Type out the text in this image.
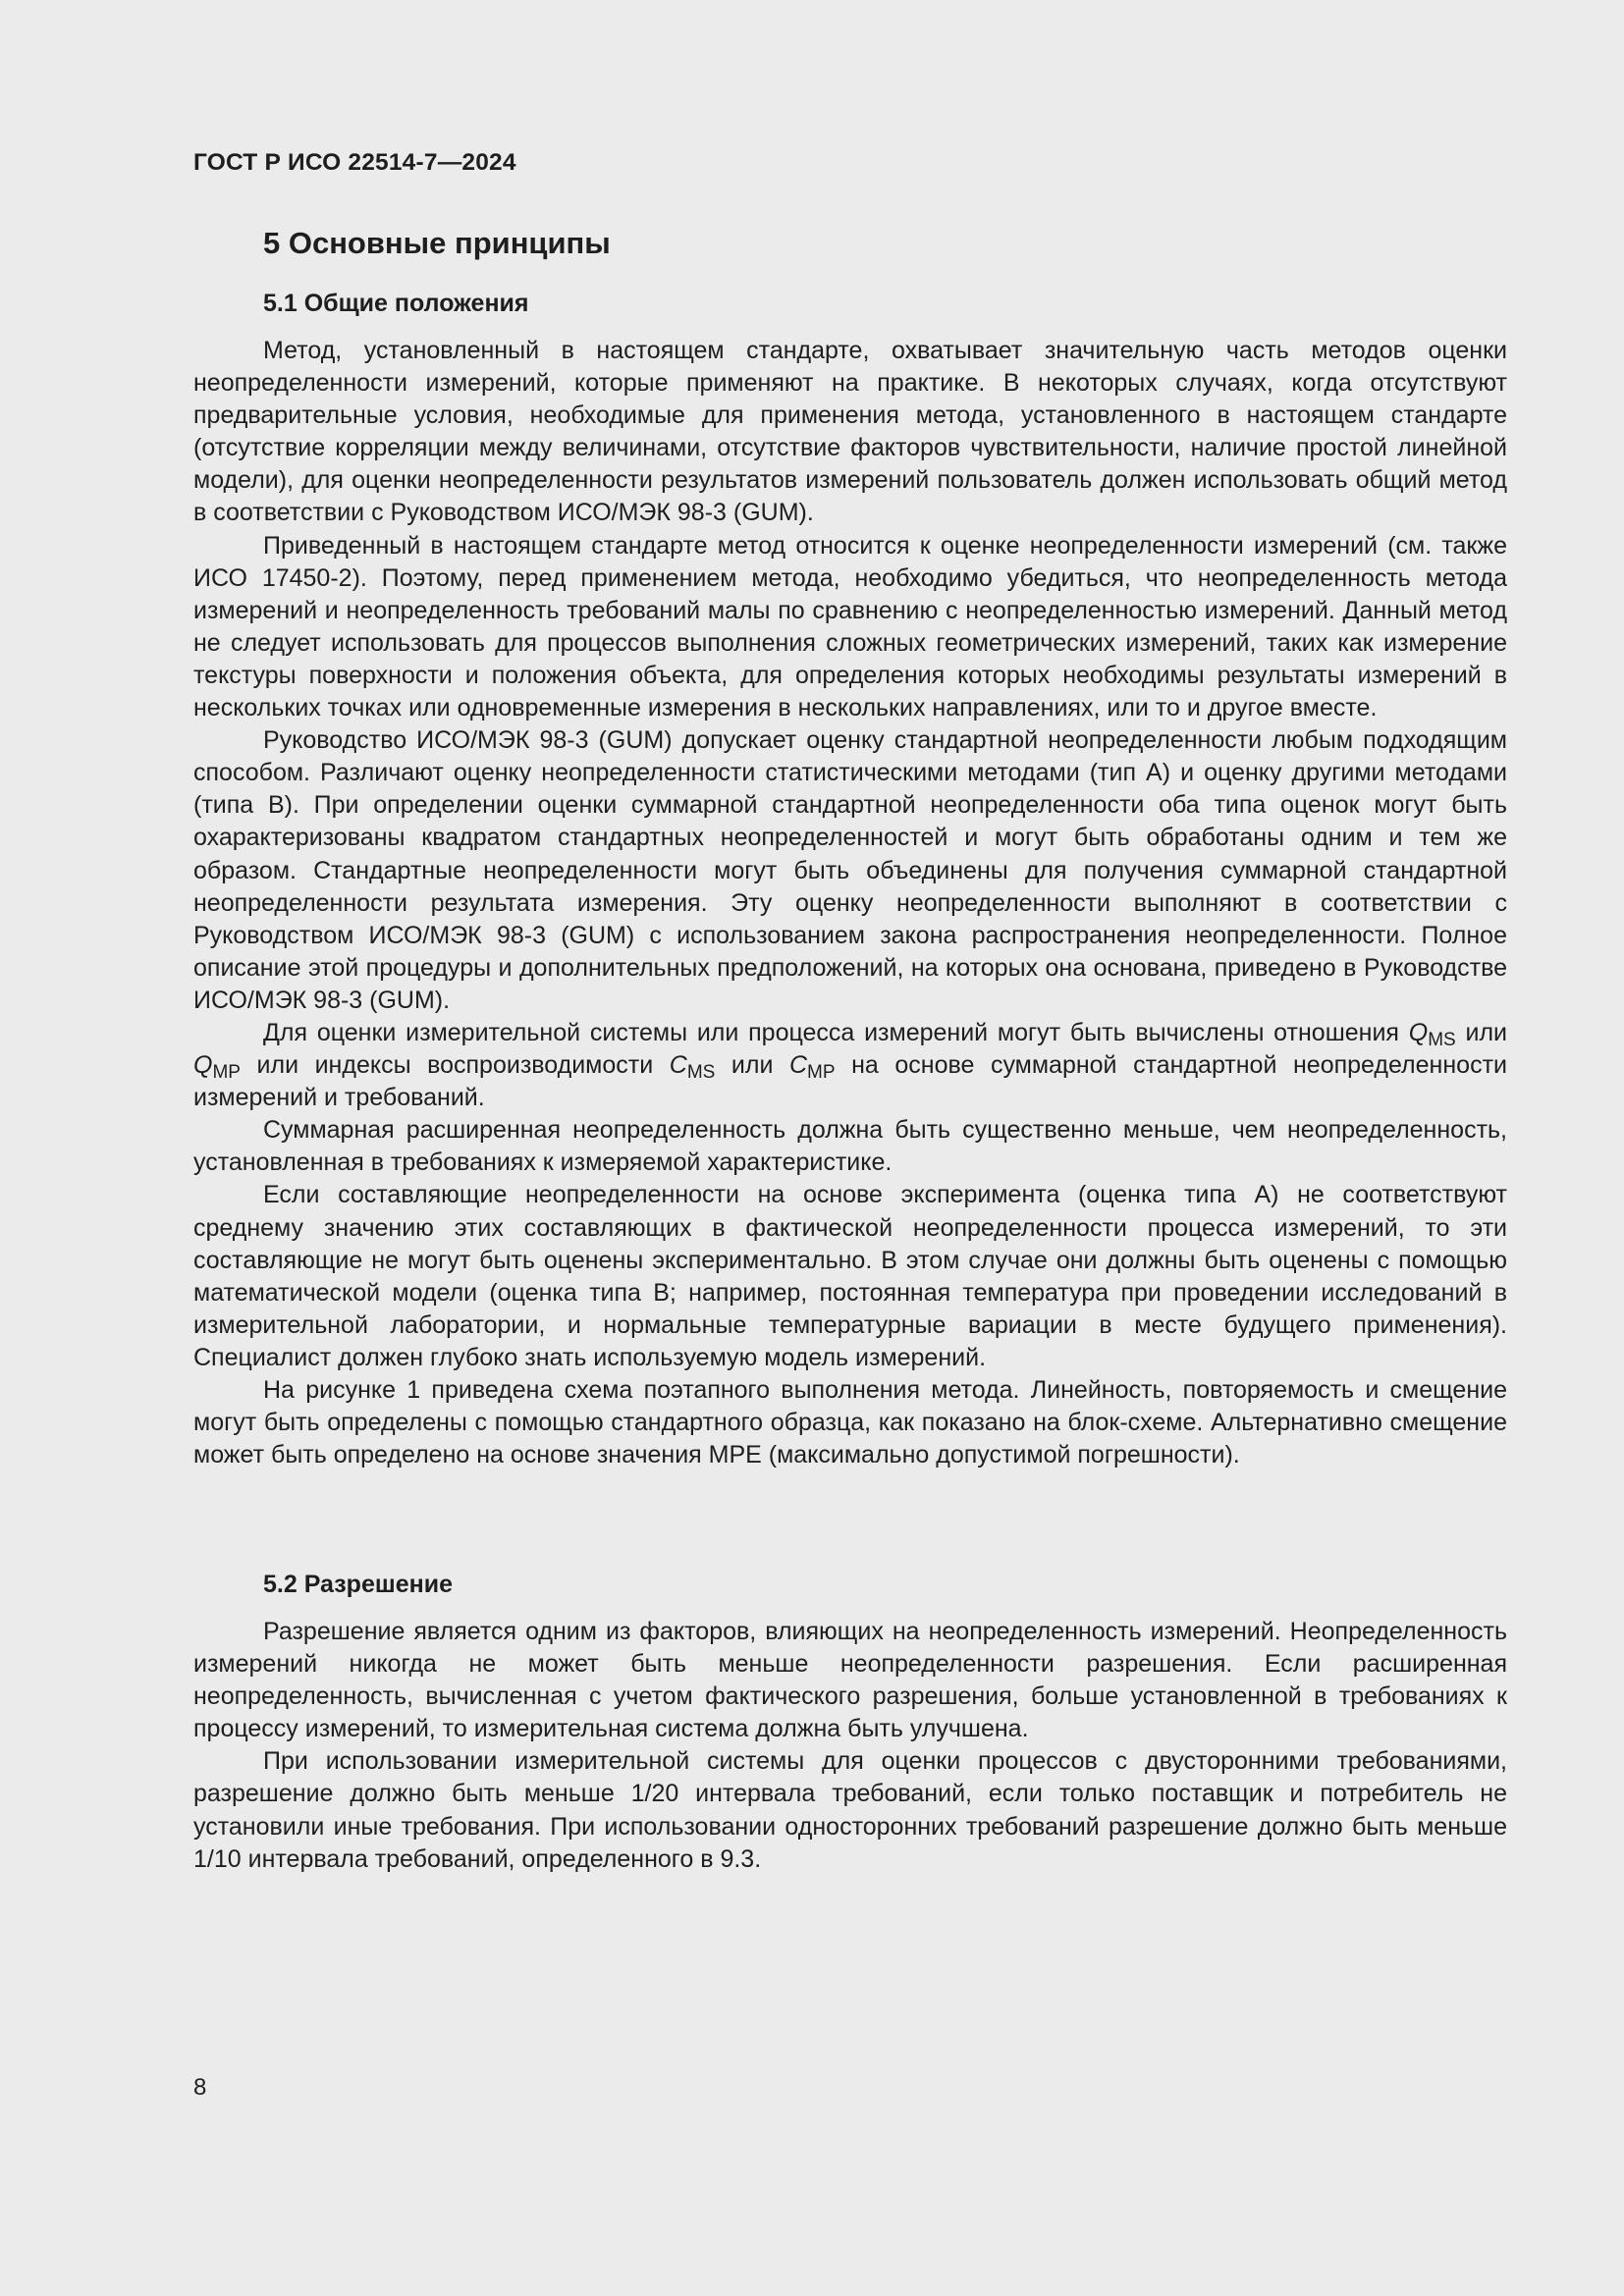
ГОСТ Р ИСО 22514-7—2024
5 Основные принципы
5.1 Общие положения

Метод, установленный в настоящем стандарте, охватывает значительную часть методов оценки неопределенности измерений, которые применяют на практике. В некоторых случаях, когда отсутствуют предварительные условия, необходимые для применения метода, установленного в настоящем стандарте (отсутствие корреляции между величинами, отсутствие факторов чувствительности, наличие простой линейной модели), для оценки неопределенности результатов измерений пользователь должен использовать общий метод в соответствии с Руководством ИСО/МЭК 98-3 (GUM).

Приведенный в настоящем стандарте метод относится к оценке неопределенности измерений (см. также ИСО 17450-2). Поэтому, перед применением метода, необходимо убедиться, что неопределенность метода измерений и неопределенность требований малы по сравнению с неопределенностью измерений. Данный метод не следует использовать для процессов выполнения сложных геометрических измерений, таких как измерение текстуры поверхности и положения объекта, для определения которых необходимы результаты измерений в нескольких точках или одновременные измерения в нескольких направлениях, или то и другое вместе.

Руководство ИСО/МЭК 98-3 (GUM) допускает оценку стандартной неопределенности любым подходящим способом. Различают оценку неопределенности статистическими методами (тип А) и оценку другими методами (типа В). При определении оценки суммарной стандартной неопределенности оба типа оценок могут быть охарактеризованы квадратом стандартных неопределенностей и могут быть обработаны одним и тем же образом. Стандартные неопределенности могут быть объединены для получения суммарной стандартной неопределенности результата измерения. Эту оценку неопределенности выполняют в соответствии с Руководством ИСО/МЭК 98-3 (GUM) с использованием закона распространения неопределенности. Полное описание этой процедуры и дополнительных предположений, на которых она основана, приведено в Руководстве ИСО/МЭК 98-3 (GUM).

Для оценки измерительной системы или процесса измерений могут быть вычислены отношения $Q_{MS}$ или $Q_{MP}$ или индексы воспроизводимости $C_{MS}$ или $C_{MP}$ на основе суммарной стандартной неопределенности измерений и требований.

Суммарная расширенная неопределенность должна быть существенно меньше, чем неопределенность, установленная в требованиях к измеряемой характеристике.

Если составляющие неопределенности на основе эксперимента (оценка типа А) не соответствуют среднему значению этих составляющих в фактической неопределенности процесса измерений, то эти составляющие не могут быть оценены экспериментально. В этом случае они должны быть оценены с помощью математической модели (оценка типа В; например, постоянная температура при проведении исследований в измерительной лаборатории, и нормальные температурные вариации в месте будущего применения). Специалист должен глубоко знать используемую модель измерений.

На рисунке 1 приведена схема поэтапного выполнения метода. Линейность, повторяемость и смещение могут быть определены с помощью стандартного образца, как показано на блок-схеме. Альтернативно смещение может быть определено на основе значения MPE (максимально допустимой погрешности).

5.2 Разрешение

Разрешение является одним из факторов, влияющих на неопределенность измерений. Неопределенность измерений никогда не может быть меньше неопределенности разрешения. Если расширенная неопределенность, вычисленная с учетом фактического разрешения, больше установленной в требованиях к процессу измерений, то измерительная система должна быть улучшена.

При использовании измерительной системы для оценки процессов с двусторонними требованиями, разрешение должно быть меньше 1/20 интервала требований, если только поставщик и потребитель не установили иные требования. При использовании односторонних требований разрешение должно быть меньше 1/10 интервала требований, определенного в 9.3.

8
